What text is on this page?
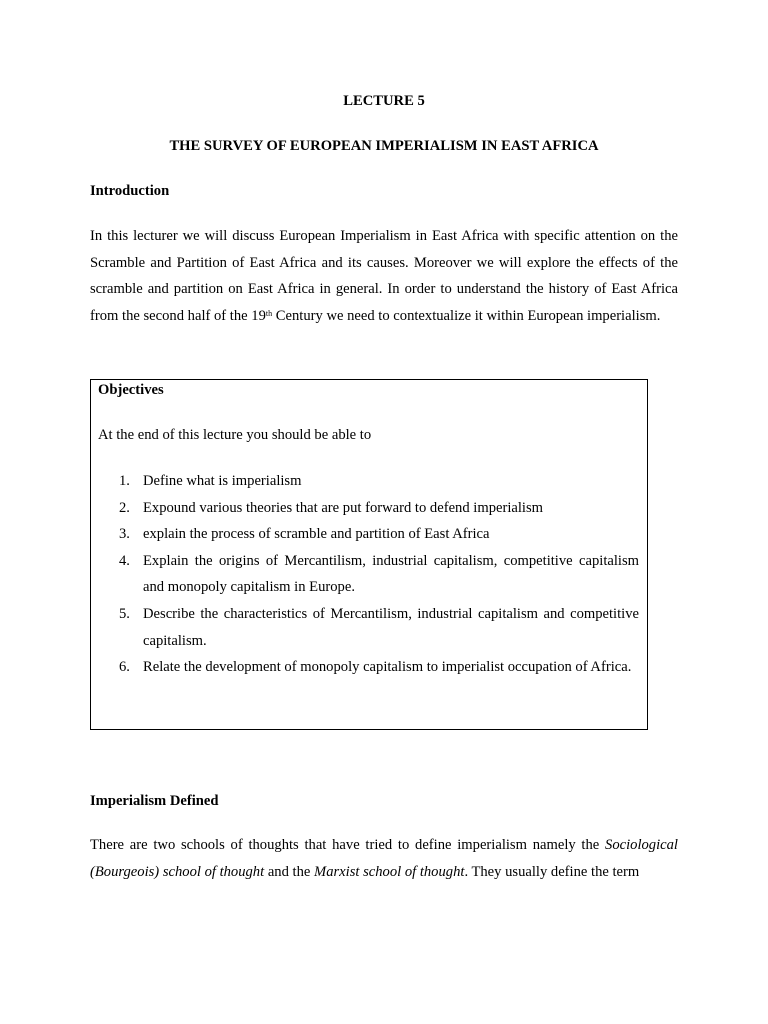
LECTURE 5

THE SURVEY OF EUROPEAN IMPERIALISM IN EAST AFRICA

Introduction

In this lecturer we will discuss European Imperialism in East Africa with specific attention on the Scramble and Partition of East Africa and its causes. Moreover we will explore the effects of the scramble and partition on East Africa in general. In order to understand the history of East Africa from the second half of the 19th Century we need to contextualize it within European imperialism.

Objectives

At the end of this lecture you should be able to

1. Define what is imperialism
2. Expound various theories that are put forward to defend imperialism
3. explain the process of scramble and partition of East Africa
4. Explain the origins of Mercantilism, industrial capitalism, competitive capitalism and monopoly capitalism in Europe.
5. Describe the characteristics of Mercantilism, industrial capitalism and competitive capitalism.
6. Relate the development of monopoly capitalism to imperialist occupation of Africa.

Imperialism Defined

There are two schools of thoughts that have tried to define imperialism namely the Sociological (Bourgeois) school of thought and the Marxist school of thought. They usually define the term
